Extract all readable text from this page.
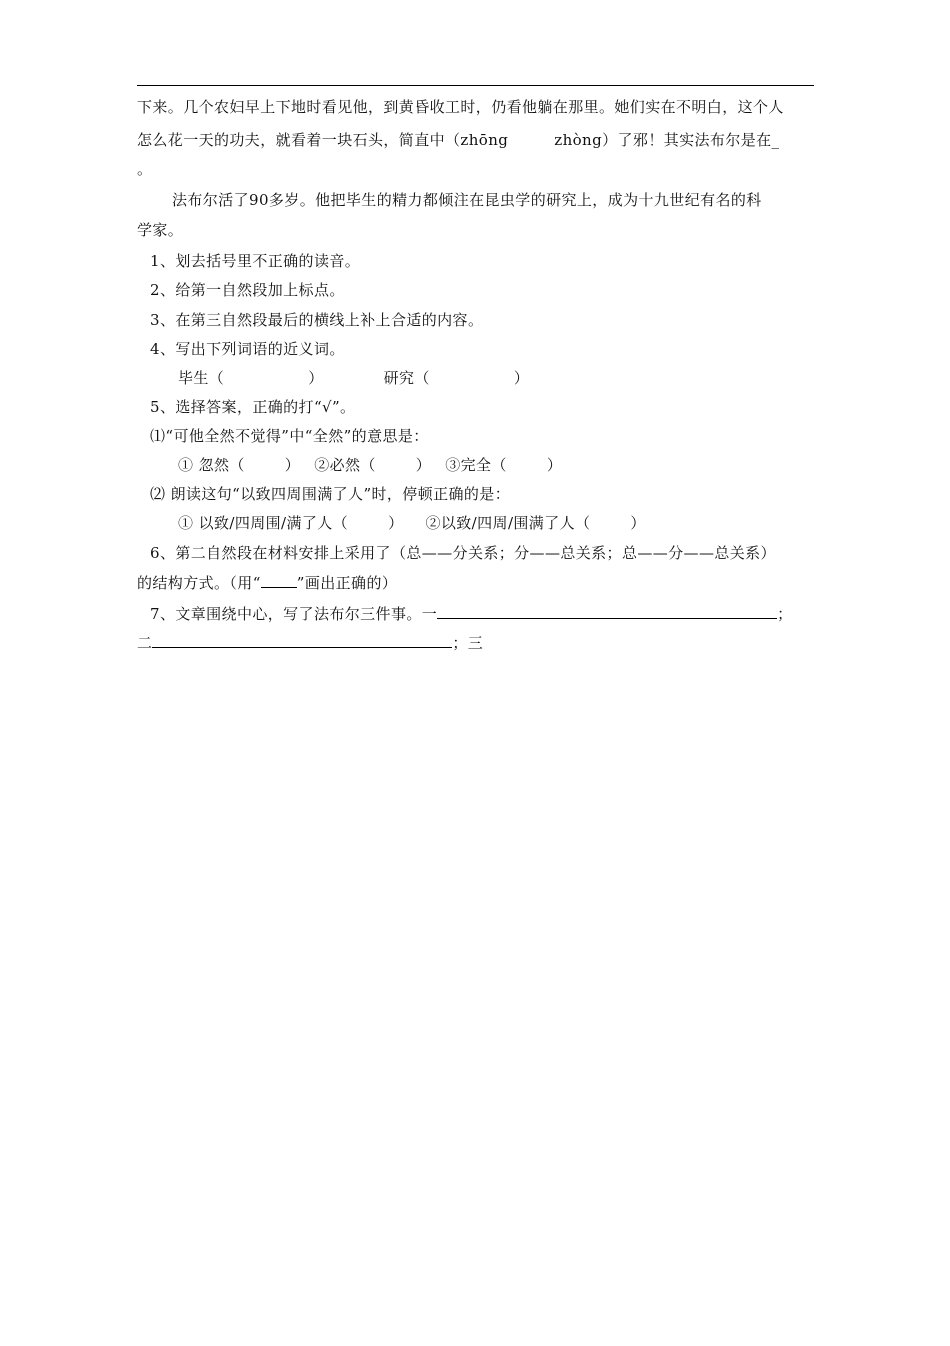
下来。几个农妇早上下地时看见他，到黄昏收工时，仍看他躺在那里。她们实在不明白，这个人
怎么花一天的功夫，就看着一块石头，简直中（zhōng	zhòng）了邪！其实法布尔是在_
。
法布尔活了90多岁。他把毕生的精力都倾注在昆虫学的研究上，成为十九世纪有名的科
学家。
1、划去括号里不正确的读音。
2、给第一自然段加上标点。
3、在第三自然段最后的横线上补上合适的内容。
4、写出下列词语的近义词。
毕生（	）	研究（	）
5、选择答案，正确的打“√”。
⑴“可他全然不觉得”中“全然”的意思是：
① 忽然（	） ②必然（	） ③完全（	）
⑵ 朗读这句“以致四周围满了人”时，停顿正确的是：
① 以致/四周围/满了人（	） ②以致/四周/围满了人（	）
6、第二自然段在材料安排上采用了（总——分关系；分——总关系；总——分——总关系）
的结构方式。（用“ ”画出正确的）
7、文章围绕中心，写了法布尔三件事。一	；
二	；三
